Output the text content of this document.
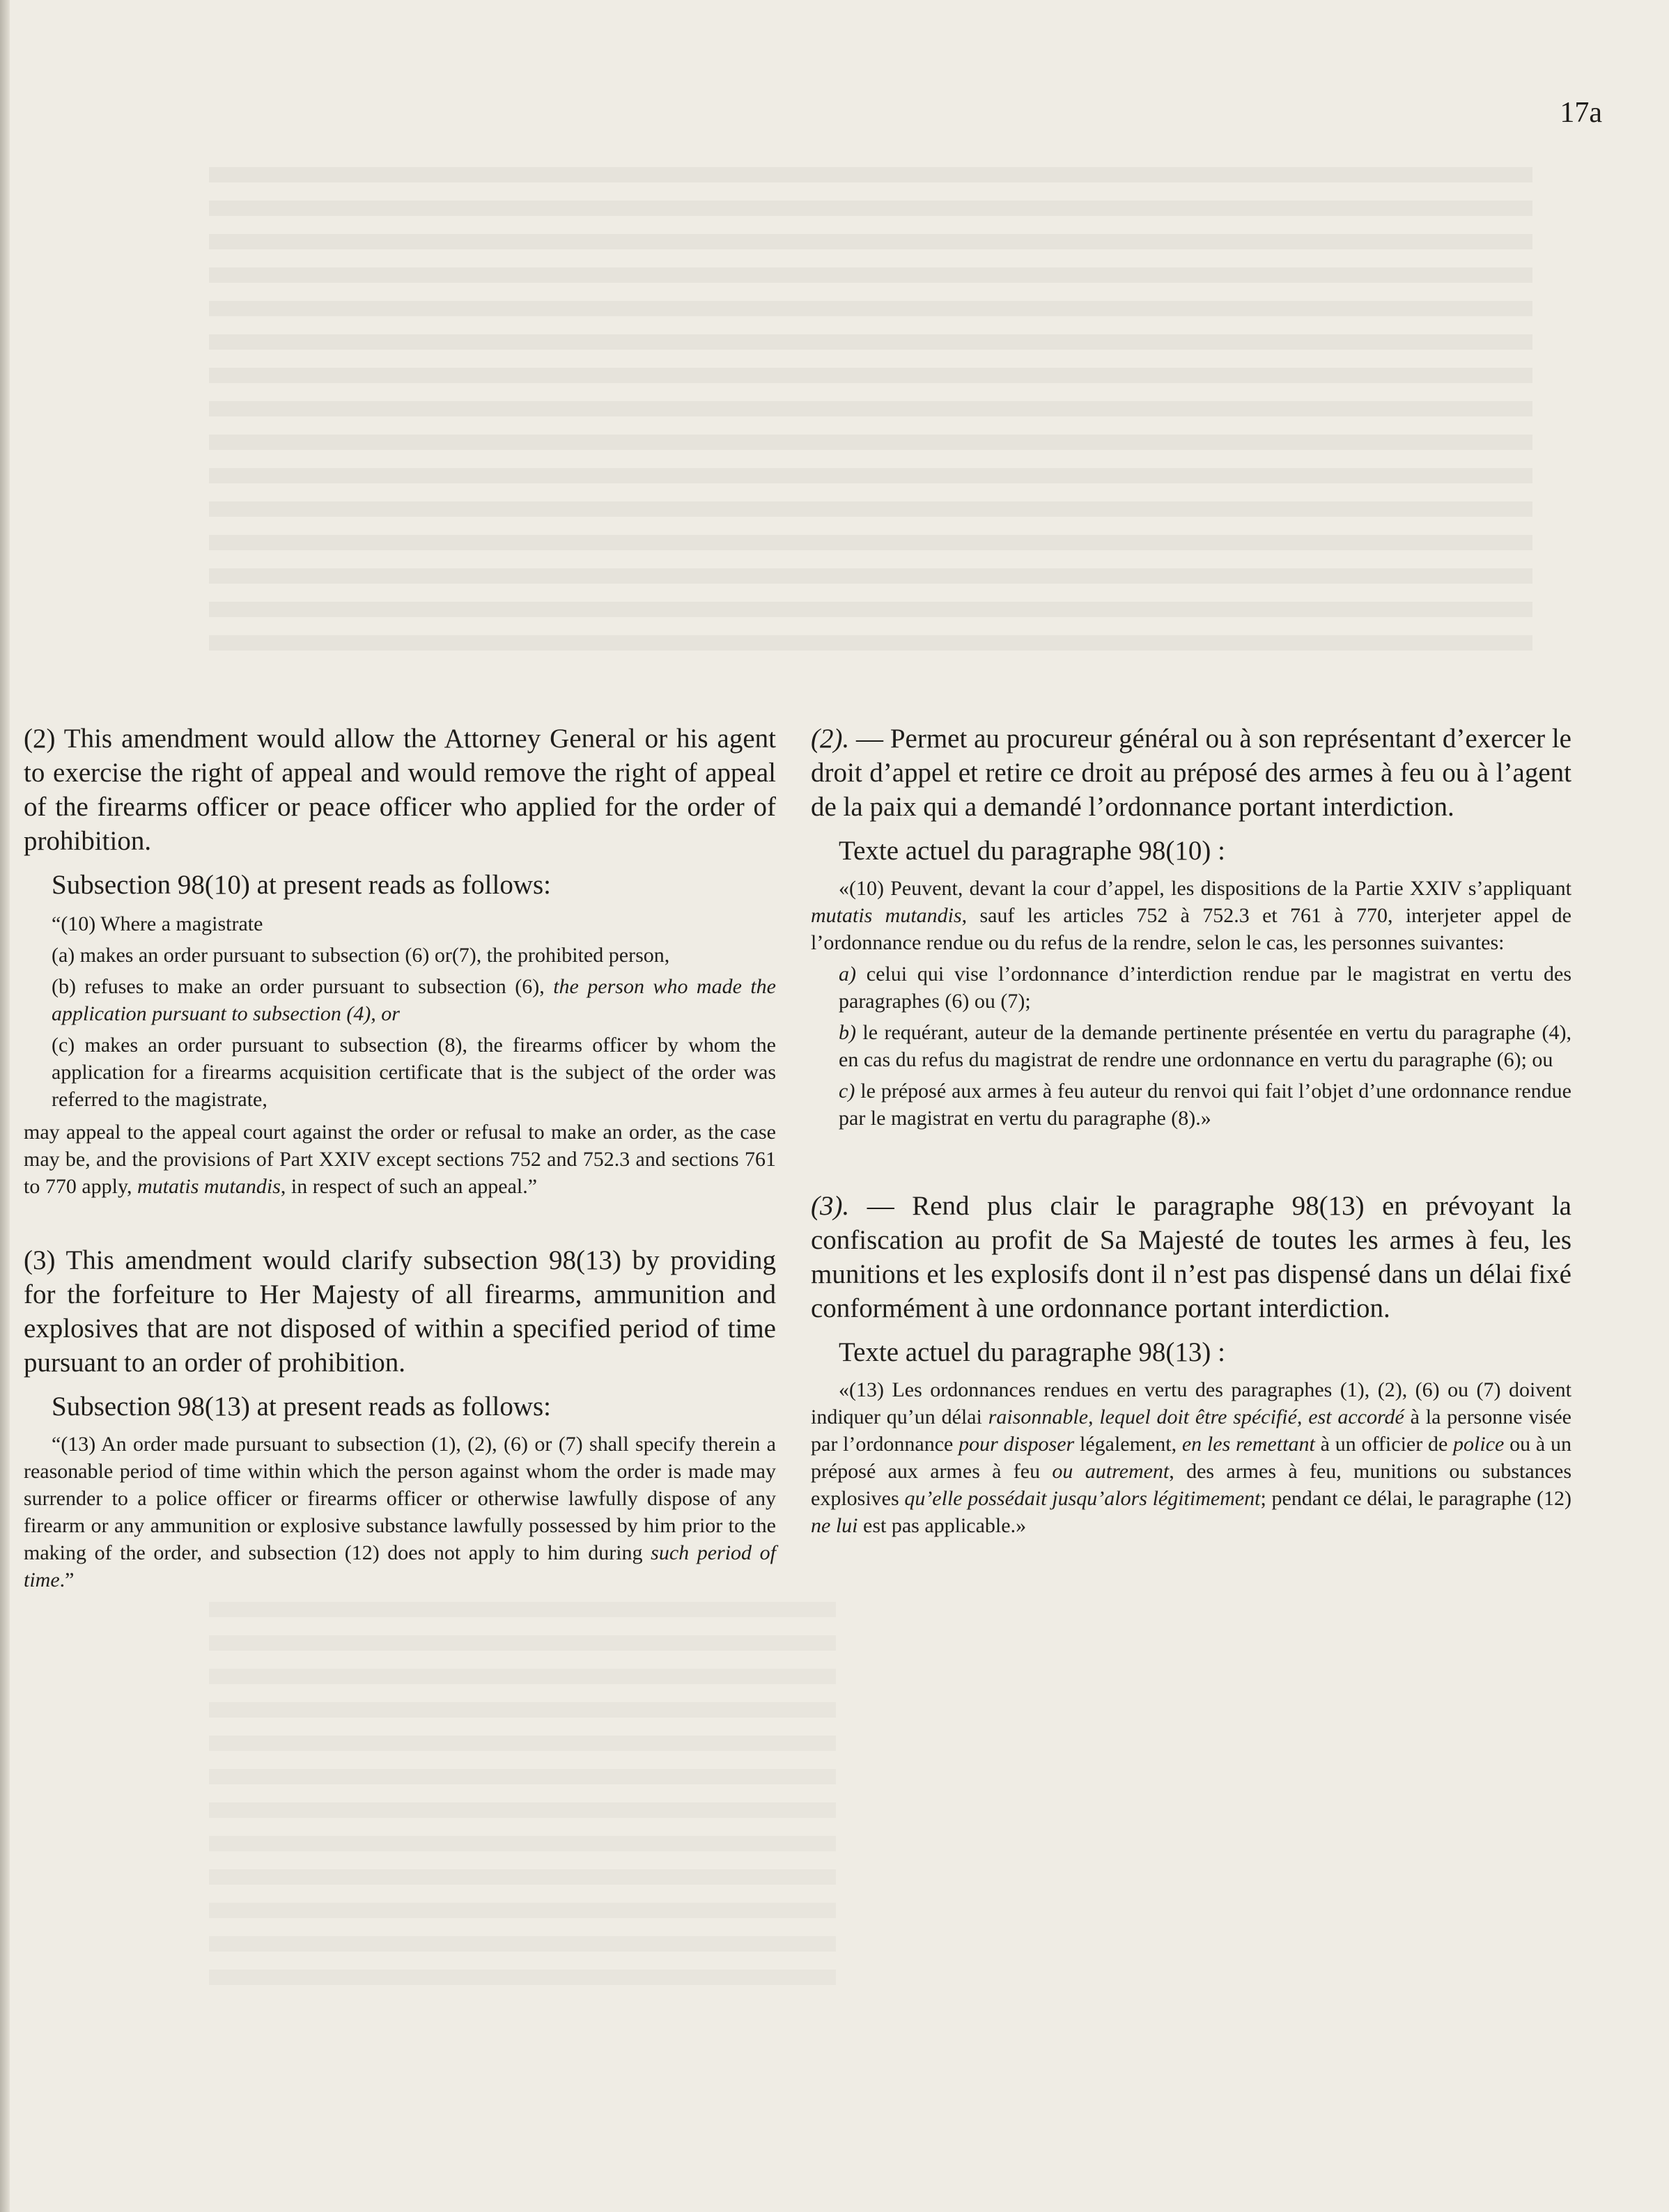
17a

(2) This amendment would allow the Attorney General or his agent to exercise the right of appeal and would remove the right of appeal of the firearms officer or peace officer who applied for the order of prohibition.

Subsection 98(10) at present reads as follows:

“(10) Where a magistrate

(a) makes an order pursuant to subsection (6) or(7), the prohibited person,

(b) refuses to make an order pursuant to subsection (6), the person who made the application pursuant to subsection (4), or

(c) makes an order pursuant to subsection (8), the firearms officer by whom the application for a firearms acquisition certificate that is the subject of the order was referred to the magistrate,

may appeal to the appeal court against the order or refusal to make an order, as the case may be, and the provisions of Part XXIV except sections 752 and 752.3 and sections 761 to 770 apply, mutatis mutandis, in respect of such an appeal.”

(3) This amendment would clarify subsection 98(13) by providing for the forfeiture to Her Majesty of all firearms, ammunition and explosives that are not disposed of within a specified period of time pursuant to an order of prohibition.

Subsection 98(13) at present reads as follows:

“(13) An order made pursuant to subsection (1), (2), (6) or (7) shall specify therein a reasonable period of time within which the person against whom the order is made may surrender to a police officer or firearms officer or otherwise lawfully dispose of any firearm or any ammunition or explosive substance lawfully possessed by him prior to the making of the order, and subsection (12) does not apply to him during such period of time.”

(2). — Permet au procureur général ou à son représentant d’exercer le droit d’appel et retire ce droit au préposé des armes à feu ou à l’agent de la paix qui a demandé l’ordonnance portant interdiction.

Texte actuel du paragraphe 98(10) :

«(10) Peuvent, devant la cour d’appel, les dispositions de la Partie XXIV s’appliquant mutatis mutandis, sauf les articles 752 à 752.3 et 761 à 770, interjeter appel de l’ordonnance rendue ou du refus de la rendre, selon le cas, les personnes suivantes:

a) celui qui vise l’ordonnance d’interdiction rendue par le magistrat en vertu des paragraphes (6) ou (7);

b) le requérant, auteur de la demande pertinente présentée en vertu du paragraphe (4), en cas du refus du magistrat de rendre une ordonnance en vertu du paragraphe (6); ou

c) le préposé aux armes à feu auteur du renvoi qui fait l’objet d’une ordonnance rendue par le magistrat en vertu du paragraphe (8).»

(3). — Rend plus clair le paragraphe 98(13) en prévoyant la confiscation au profit de Sa Majesté de toutes les armes à feu, les munitions et les explosifs dont il n’est pas dispensé dans un délai fixé conformément à une ordonnance portant interdiction.

Texte actuel du paragraphe 98(13) :

«(13) Les ordonnances rendues en vertu des paragraphes (1), (2), (6) ou (7) doivent indiquer qu’un délai raisonnable, lequel doit être spécifié, est accordé à la personne visée par l’ordonnance pour disposer légalement, en les remettant à un officier de police ou à un préposé aux armes à feu ou autrement, des armes à feu, munitions ou substances explosives qu’elle possédait jusqu’alors légitimement; pendant ce délai, le paragraphe (12) ne lui est pas applicable.»
